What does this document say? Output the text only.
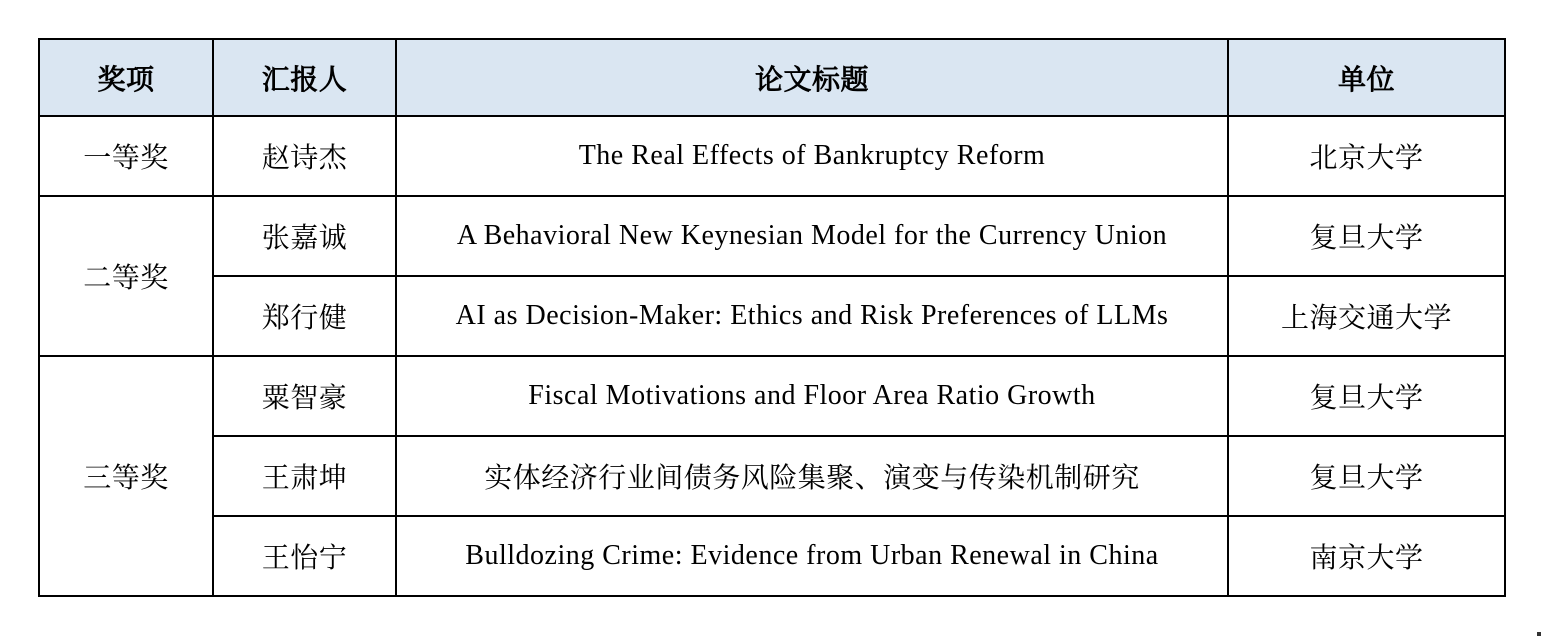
奖项	汇报人	论文标题	单位
一等奖	赵诗杰	The Real Effects of Bankruptcy Reform	北京大学
二等奖	张嘉诚	A Behavioral New Keynesian Model for the Currency Union	复旦大学
	郑行健	AI as Decision-Maker: Ethics and Risk Preferences of LLMs	上海交通大学
三等奖	粟智豪	Fiscal Motivations and Floor Area Ratio Growth	复旦大学
	王肃坤	实体经济行业间债务风险集聚、演变与传染机制研究	复旦大学
	王怡宁	Bulldozing Crime: Evidence from Urban Renewal in China	南京大学
